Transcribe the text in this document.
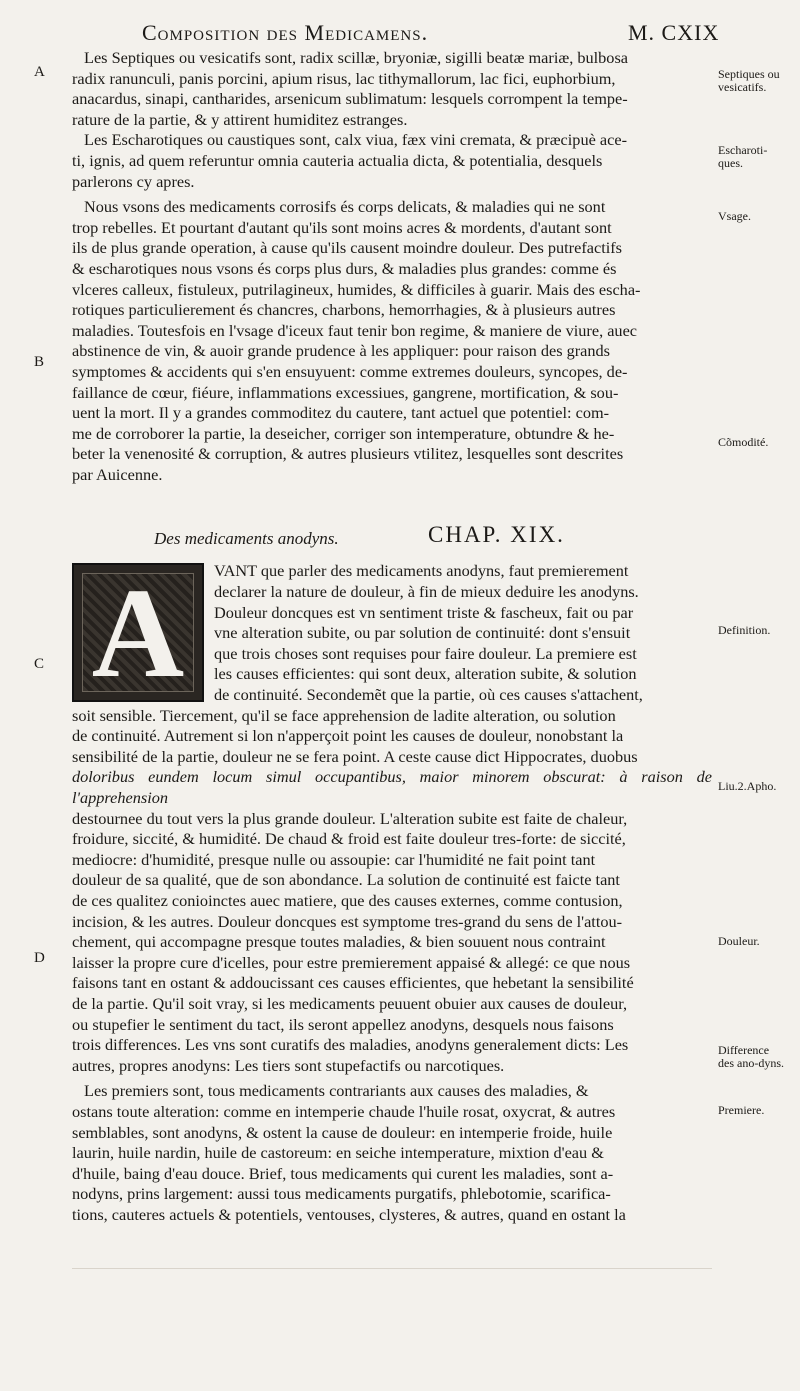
Composition des Medicamens.	M. CXIX
A
B
C
D
Septiques ou vesicatifs.
Escharoti-ques.
Vsage.
Cõmodité.
Definition.
Liu.2.Apho.
Douleur.
Difference des ano-dyns.
Premiere.

Les Septiques ou vesicatifs sont, radix scillæ, bryoniæ, sigilli beatæ mariæ, bulbosa

radix ranunculi, panis porcini, apium risus, lac tithymallorum, lac fici, euphorbium,

anacardus, sinapi, cantharides, arsenicum sublimatum: lesquels corrompent la tempe-

rature de la partie, & y attirent humiditez estranges.

Les Escharotiques ou caustiques sont, calx viua, fæx vini cremata, & præcipuè ace-

ti, ignis, ad quem referuntur omnia cauteria actualia dicta, & potentialia, desquels

parlerons cy apres.

Nous vsons des medicaments corrosifs és corps delicats, & maladies qui ne sont

trop rebelles. Et pourtant d'autant qu'ils sont moins acres & mordents, d'autant sont

ils de plus grande operation, à cause qu'ils causent moindre douleur. Des putrefactifs

& escharotiques nous vsons és corps plus durs, & maladies plus grandes: comme és

vlceres calleux, fistuleux, putrilagineux, humides, & difficiles à guarir. Mais des escha-

rotiques particulierement és chancres, charbons, hemorrhagies, & à plusieurs autres

maladies. Toutesfois en l'vsage d'iceux faut tenir bon regime, & maniere de viure, auec

abstinence de vin, & auoir grande prudence à les appliquer: pour raison des grands

symptomes & accidents qui s'en ensuyuent: comme extremes douleurs, syncopes, de-

faillance de cœur, fiéure, inflammations excessiues, gangrene, mortification, & sou-

uent la mort. Il y a grandes commoditez du cautere, tant actuel que potentiel: com-

me de corroborer la partie, la deseicher, corriger son intemperature, obtundre & he-

beter la venenosité & corruption, & autres plusieurs vtilitez, lesquelles sont descrites

par Auicenne.

Des medicaments anodyns.	CHAP. XIX.
A	VANT que parler des medicaments anodyns, faut premierement

declarer la nature de douleur, à fin de mieux deduire les anodyns.

Douleur doncques est vn sentiment triste & fascheux, fait ou par

vne alteration subite, ou par solution de continuité: dont s'ensuit

que trois choses sont requises pour faire douleur. La premiere est

les causes efficientes: qui sont deux, alteration subite, & solution

de continuité. Secondemẽt que la partie, où ces causes s'attachent,

soit sensible. Tiercement, qu'il se face apprehension de ladite alteration, ou solution

de continuité. Autrement si lon n'apperçoit point les causes de douleur, nonobstant la

sensibilité de la partie, douleur ne se fera point. A ceste cause dict Hippocrates, duobus

doloribus eundem locum simul occupantibus, maior minorem obscurat: à raison de l'apprehension

destournee du tout vers la plus grande douleur. L'alteration subite est faite de chaleur,

froidure, siccité, & humidité. De chaud & froid est faite douleur tres-forte: de siccité,

mediocre: d'humidité, presque nulle ou assoupie: car l'humidité ne fait point tant

douleur de sa qualité, que de son abondance. La solution de continuité est faicte tant

de ces qualitez conioinctes auec matiere, que des causes externes, comme contusion,

incision, & les autres. Douleur doncques est symptome tres-grand du sens de l'attou-

chement, qui accompagne presque toutes maladies, & bien souuent nous contraint

laisser la propre cure d'icelles, pour estre premierement appaisé & allegé: ce que nous

faisons tant en ostant & addoucissant ces causes efficientes, que hebetant la sensibilité

de la partie. Qu'il soit vray, si les medicaments peuuent obuier aux causes de douleur,

ou stupefier le sentiment du tact, ils seront appellez anodyns, desquels nous faisons

trois differences. Les vns sont curatifs des maladies, anodyns generalement dicts: Les

autres, propres anodyns: Les tiers sont stupefactifs ou narcotiques.

Les premiers sont, tous medicaments contrariants aux causes des maladies, &

ostans toute alteration: comme en intemperie chaude l'huile rosat, oxycrat, & autres

semblables, sont anodyns, & ostent la cause de douleur: en intemperie froide, huile

laurin, huile nardin, huile de castoreum: en seiche intemperature, mixtion d'eau &

d'huile, baing d'eau douce. Brief, tous medicaments qui curent les maladies, sont a-

nodyns, prins largement: aussi tous medicaments purgatifs, phlebotomie, scarifica-

tions, cauteres actuels & potentiels, ventouses, clysteres, & autres, quand en ostant la
